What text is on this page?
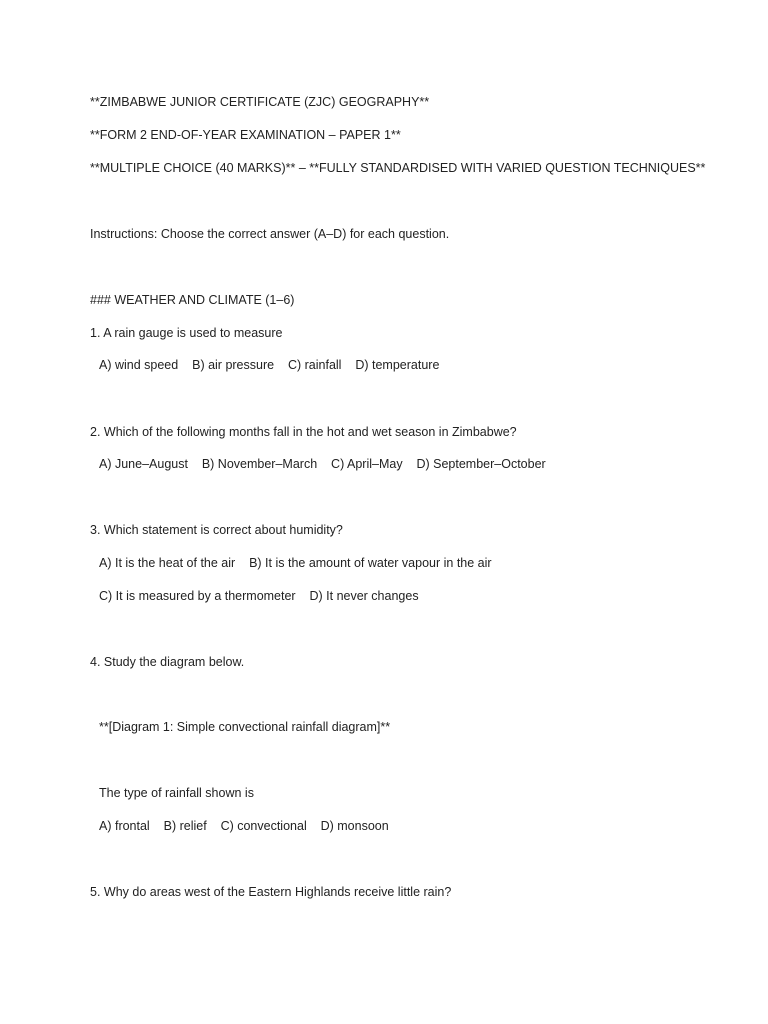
**ZIMBABWE JUNIOR CERTIFICATE (ZJC) GEOGRAPHY**
**FORM 2 END-OF-YEAR EXAMINATION – PAPER 1**
**MULTIPLE CHOICE (40 MARKS)** – **FULLY STANDARDISED WITH VARIED QUESTION TECHNIQUES**
Instructions: Choose the correct answer (A–D) for each question.
### WEATHER AND CLIMATE (1–6)
1. A rain gauge is used to measure
A) wind speed    B) air pressure    C) rainfall    D) temperature
2. Which of the following months fall in the hot and wet season in Zimbabwe?
A) June–August    B) November–March    C) April–May    D) September–October
3. Which statement is correct about humidity?
A) It is the heat of the air    B) It is the amount of water vapour in the air
C) It is measured by a thermometer    D) It never changes
4. Study the diagram below.
**[Diagram 1: Simple convectional rainfall diagram]**
The type of rainfall shown is
A) frontal    B) relief    C) convectional    D) monsoon
5. Why do areas west of the Eastern Highlands receive little rain?
